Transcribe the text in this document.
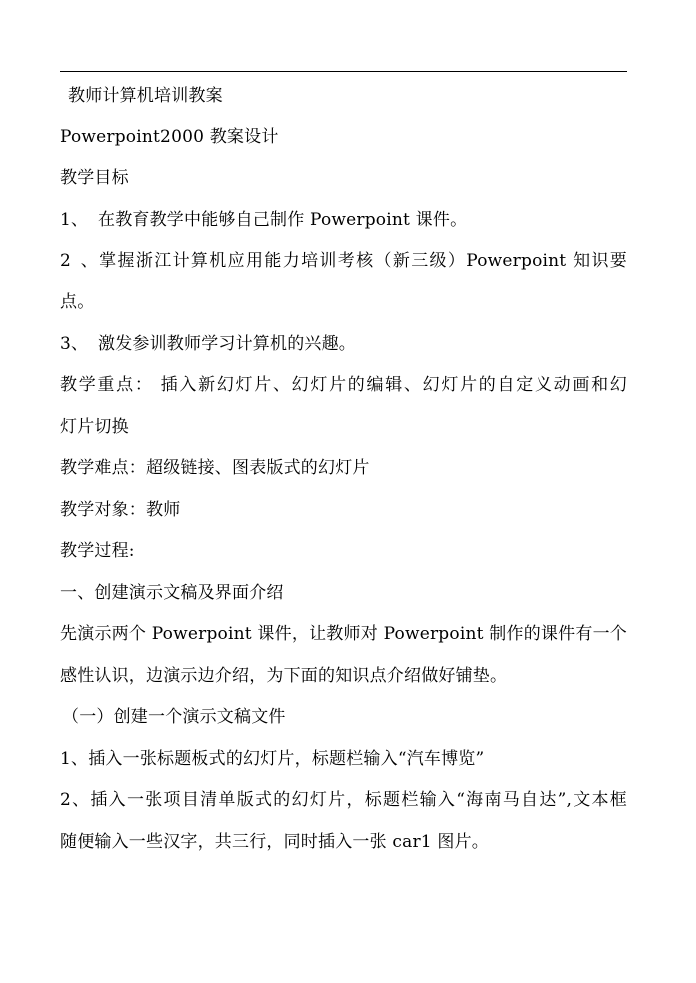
教师计算机培训教案
Powerpoint2000 教案设计
教学目标
1、 在教育教学中能够自己制作 Powerpoint 课件。
2、掌握浙江计算机应用能力培训考核（新三级）Powerpoint 知识要
点。
3、 激发参训教师学习计算机的兴趣。
教学重点： 插入新幻灯片、幻灯片的编辑、幻灯片的自定义动画和幻
灯片切换
教学难点：超级链接、图表版式的幻灯片
教学对象：教师
教学过程:
一、创建演示文稿及界面介绍
先演示两个 Powerpoint 课件，让教师对 Powerpoint 制作的课件有一个
感性认识，边演示边介绍，为下面的知识点介绍做好铺垫。
（一）创建一个演示文稿文件
1、插入一张标题板式的幻灯片，标题栏输入“汽车博览”
2、插入一张项目清单版式的幻灯片，标题栏输入“海南马自达”,文本框
随便输入一些汉字，共三行，同时插入一张 car1 图片。
